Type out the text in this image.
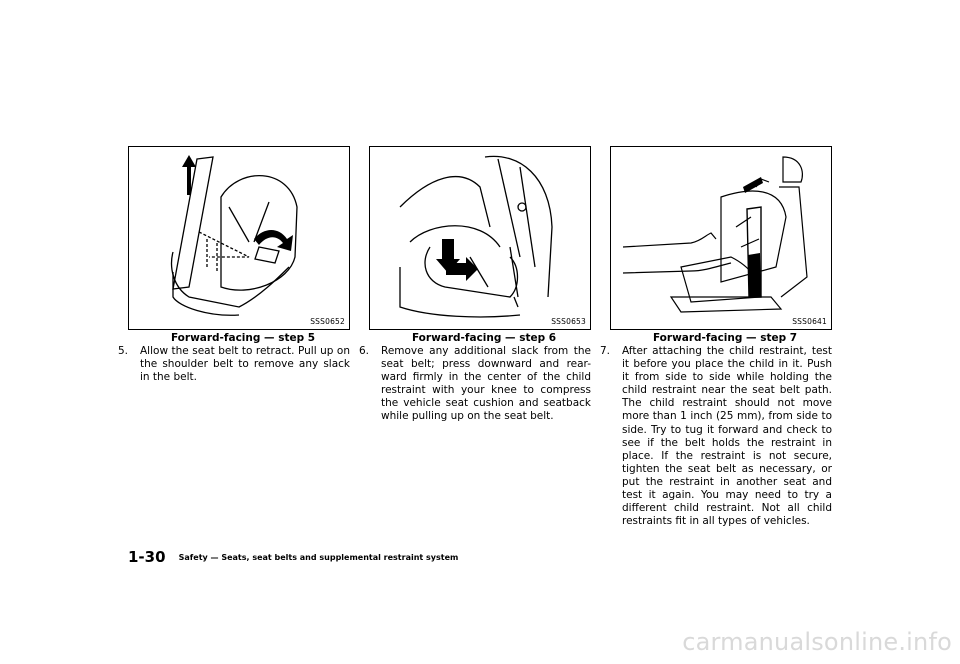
SSS0652
Forward-facing — step 5
5.	Allow the seat belt to retract. Pull up on the shoulder belt to remove any slack in the belt.
SSS0653
Forward-facing — step 6
6.	Remove any additional slack from the seat belt; press downward and rear- ward firmly in the center of the child restraint with your knee to compress the vehicle seat cushion and seatback while pulling up on the seat belt.
SSS0641
Forward-facing — step 7
7.	After attaching the child restraint, test it before you place the child in it. Push it from side to side while holding the child restraint near the seat belt path. The child restraint should not move more than 1 inch (25 mm), from side to side. Try to tug it forward and check to see if the belt holds the restraint in place. If the restraint is not secure, tighten the seat belt as necessary, or put the restraint in another seat and test it again. You may need to try a different child restraint. Not all child restraints fit in all types of vehicles.
1-30 Safety — Seats, seat belts and supplemental restraint system
carmanualsonline.info
